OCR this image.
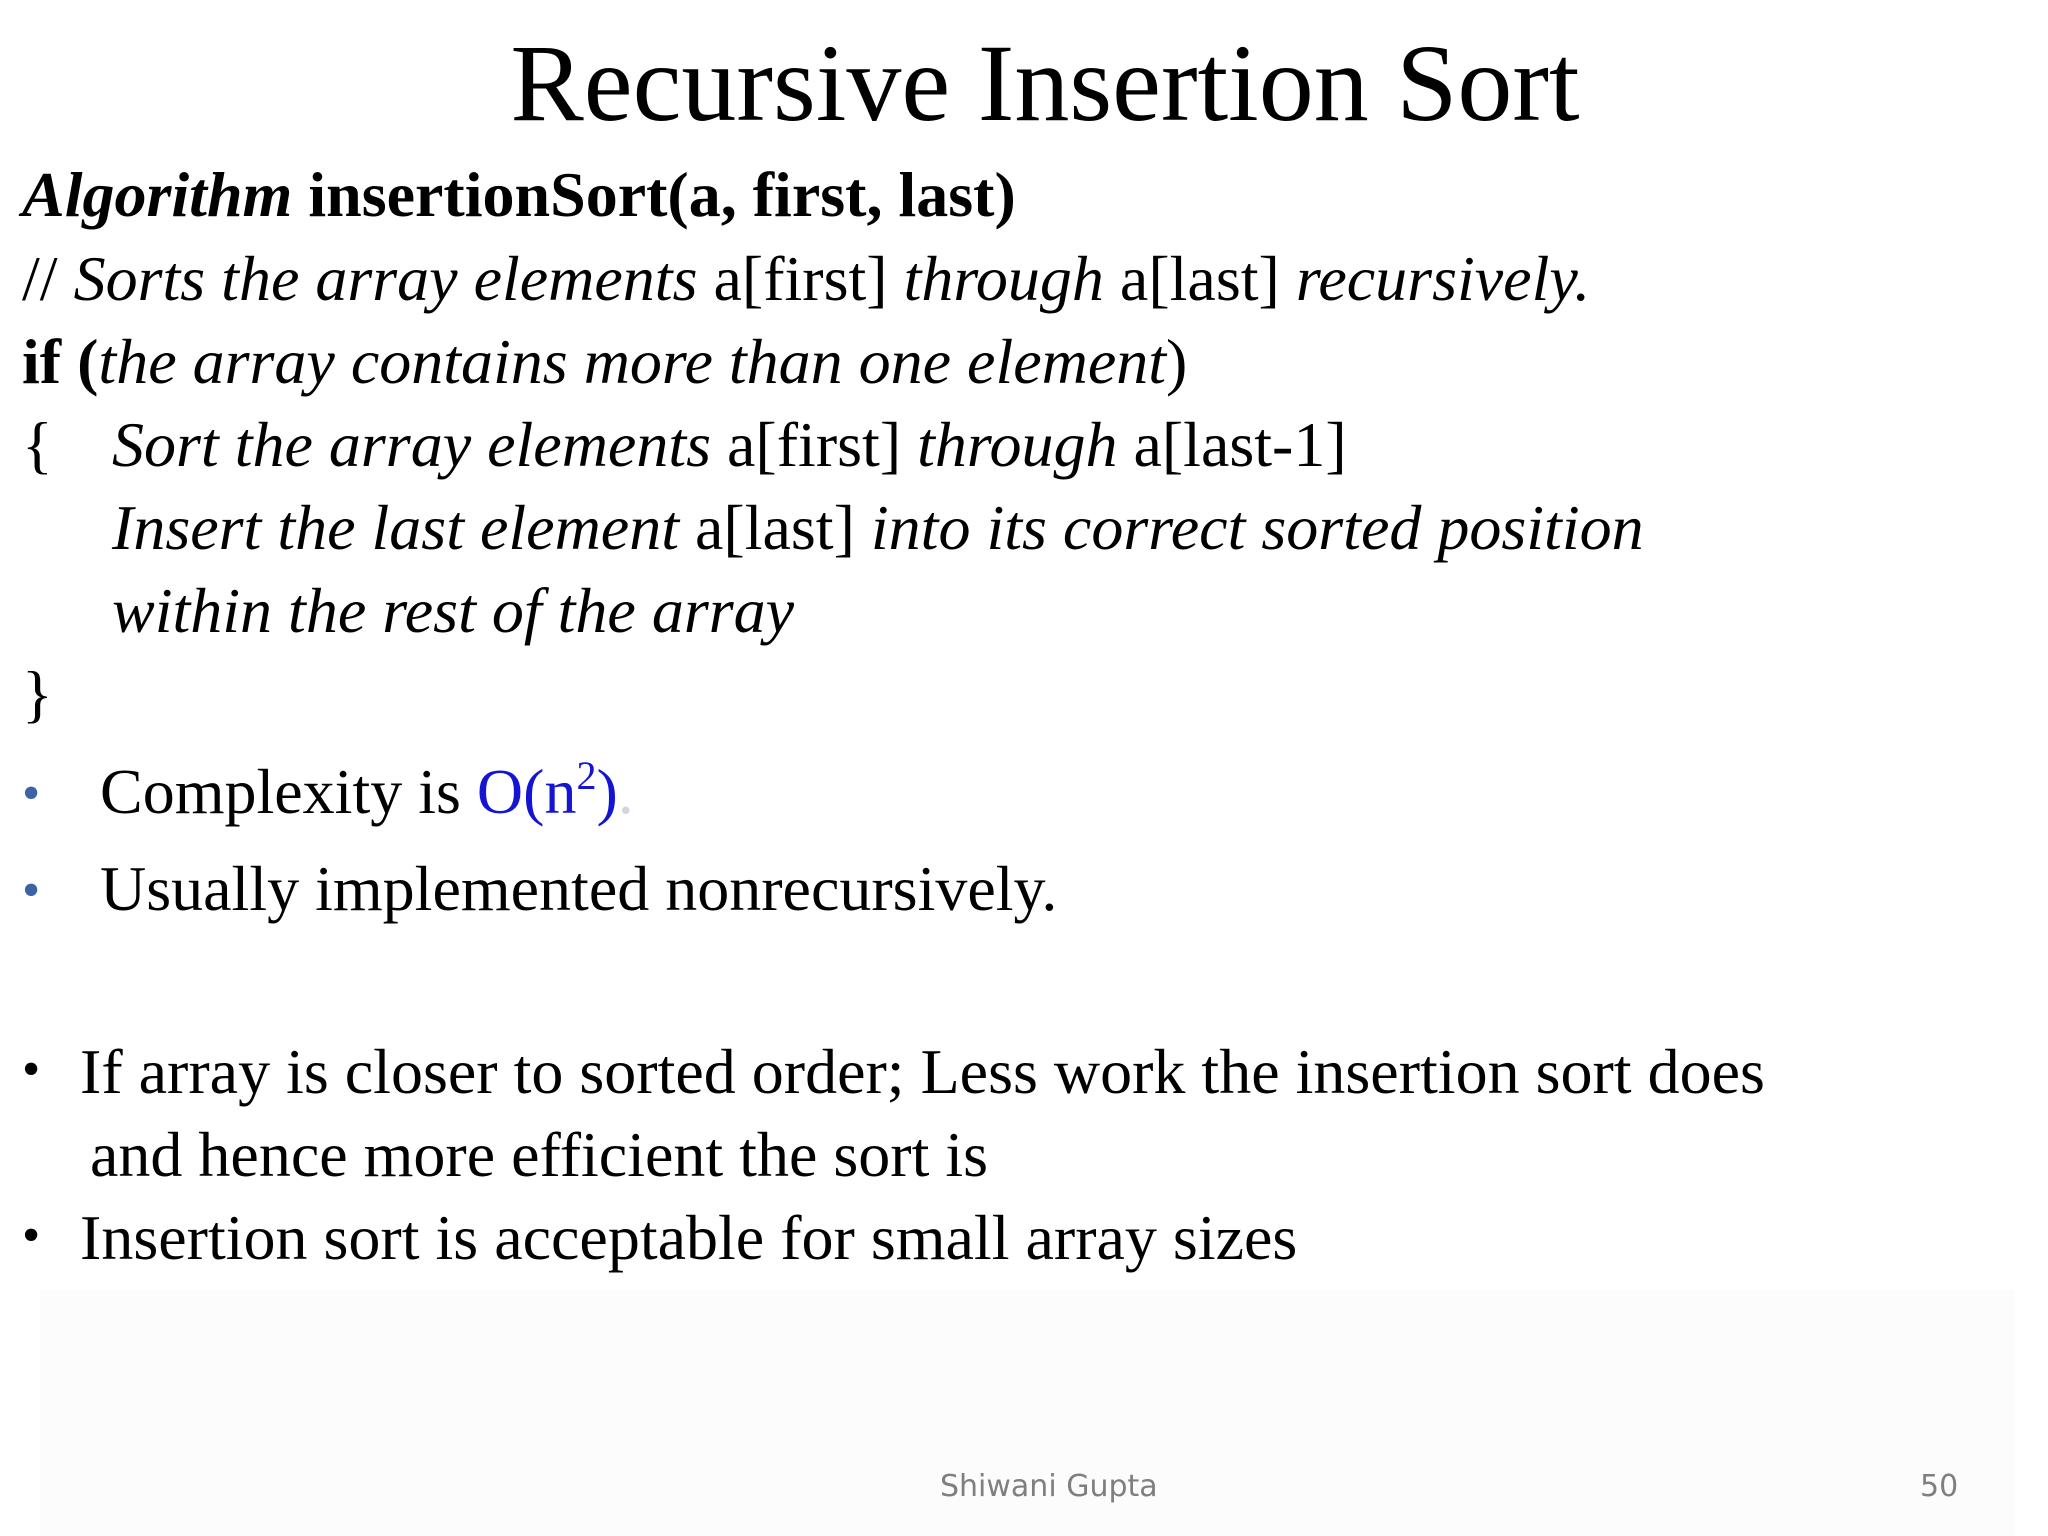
Recursive Insertion Sort
Algorithm insertionSort(a, first, last)
// Sorts the array elements a[first] through a[last] recursively.
if (the array contains more than one element)
{ Sort the array elements a[first] through a[last-1]
Insert the last element a[last] into its correct sorted position
within the rest of the array
}
• Complexity is $O(n^2)$.
• Usually implemented nonrecursively.
• If array is closer to sorted order; Less work the insertion sort does
and hence more efficient the sort is
• Insertion sort is acceptable for small array sizes
Shiwani Gupta	50
